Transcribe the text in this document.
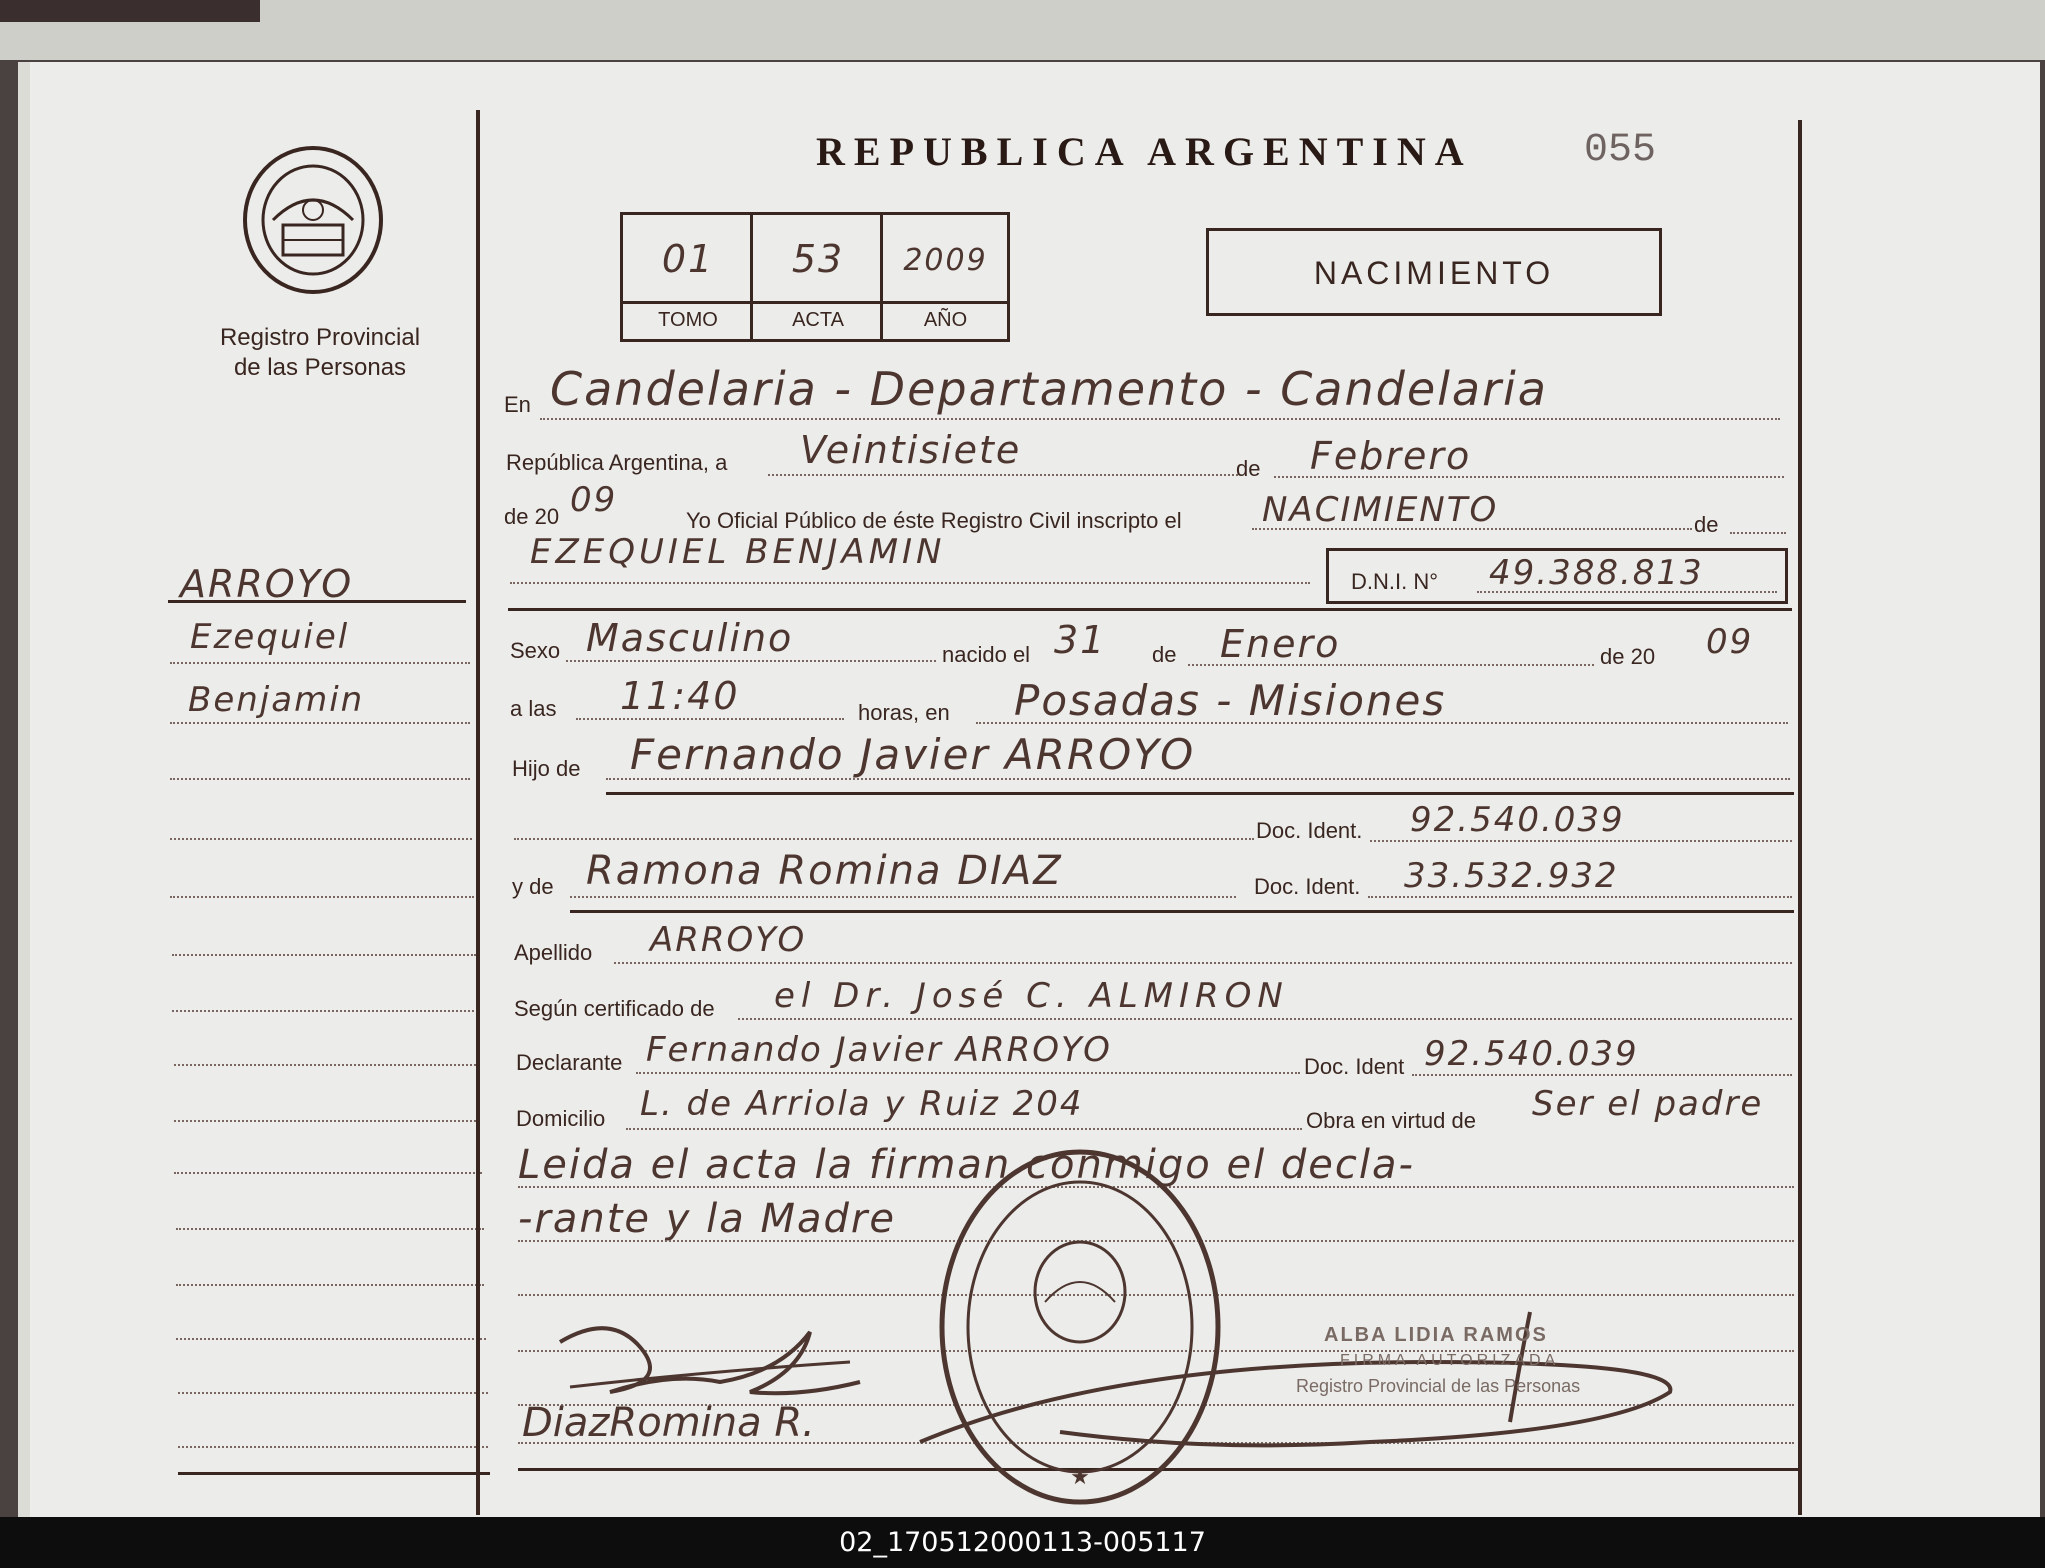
Registro Provincial
de las Personas
ARROYO
Ezequiel
Benjamin
REPUBLICA ARGENTINA	055
01	53	2009
TOMO	ACTA	AÑO
NACIMIENTO
En Candelaria - Departamento - Candelaria
República Argentina, a Veintisiete	de Febrero
de 20 09
Yo Oficial Público de éste Registro Civil inscripto el NACIMIENTO	de
EZEQUIEL BENJAMIN
D.N.I. N° 49.388.813
Sexo Masculino	nacido el 31 de Enero	de 20 09
a las 11:40	horas, en Posadas - Misiones
Hijo de Fernando Javier ARROYO
Doc. Ident. 92.540.039
y de Ramona Romina DIAZ	Doc. Ident. 33.532.932
Apellido ARROYO
Según certificado de el Dr. José C. ALMIRON
Declarante Fernando Javier ARROYO	Doc. Ident 92.540.039
Domicilio L. de Arriola y Ruiz 204	Obra en virtud de Ser el padre
Leida el acta la firman conmigo el decla-
-rante y la Madre
★
ALBA LIDIA RAMOS
FIRMA AUTORIZADA
Registro Provincial de las Personas
DiazRomina R.
02_170512000113-005117
